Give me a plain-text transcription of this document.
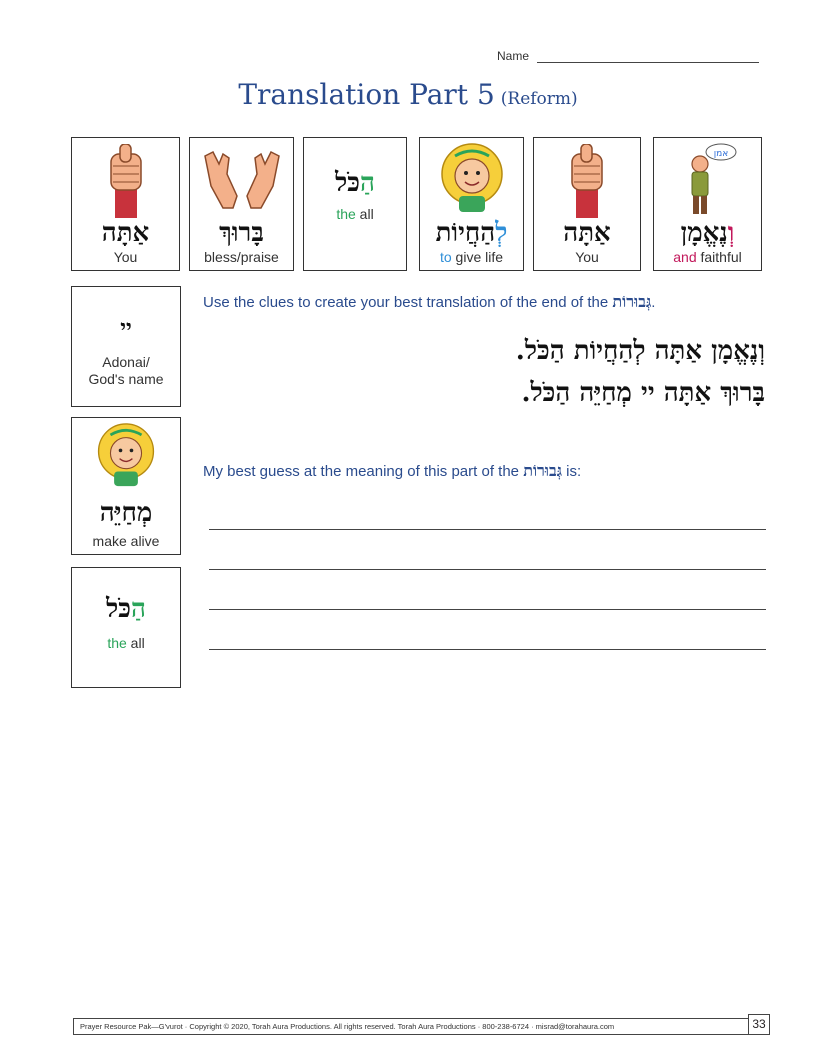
Name
Translation Part 5 (Reform)
אַתָּה
You
בָּרוּךְ
bless/praise
הַכֹּל
the all
לְהַחֲיוֹת
to give life
אַתָּה
You
אמן
וְנֶאֱמָן
and faithful
יי
Adonai/ God's name
מְחַיֵּה
make alive
הַכֹּל
the all
Use the clues to create your best translation of the end of the גְּבוּרוֹת.
וְנֶאֱמָן אַתָּה לְהַחֲיוֹת הַכֹּל.
בָּרוּךְ אַתָּה יי מְחַיֵּה הַכֹּל.
My best guess at the meaning of this part of the גְּבוּרוֹת is:
Prayer Resource Pak—G'vurot · Copyright © 2020, Torah Aura Productions. All rights reserved. Torah Aura Productions · 800-238-6724 · misrad@torahaura.com	33
